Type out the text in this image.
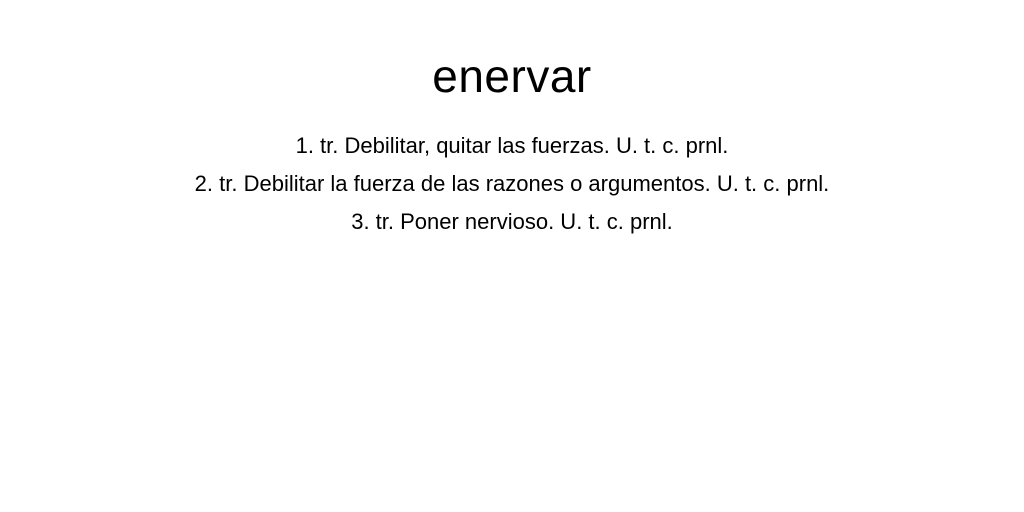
enervar
1. tr. Debilitar, quitar las fuerzas. U. t. c. prnl.
2. tr. Debilitar la fuerza de las razones o argumentos. U. t. c. prnl.
3. tr. Poner nervioso. U. t. c. prnl.
